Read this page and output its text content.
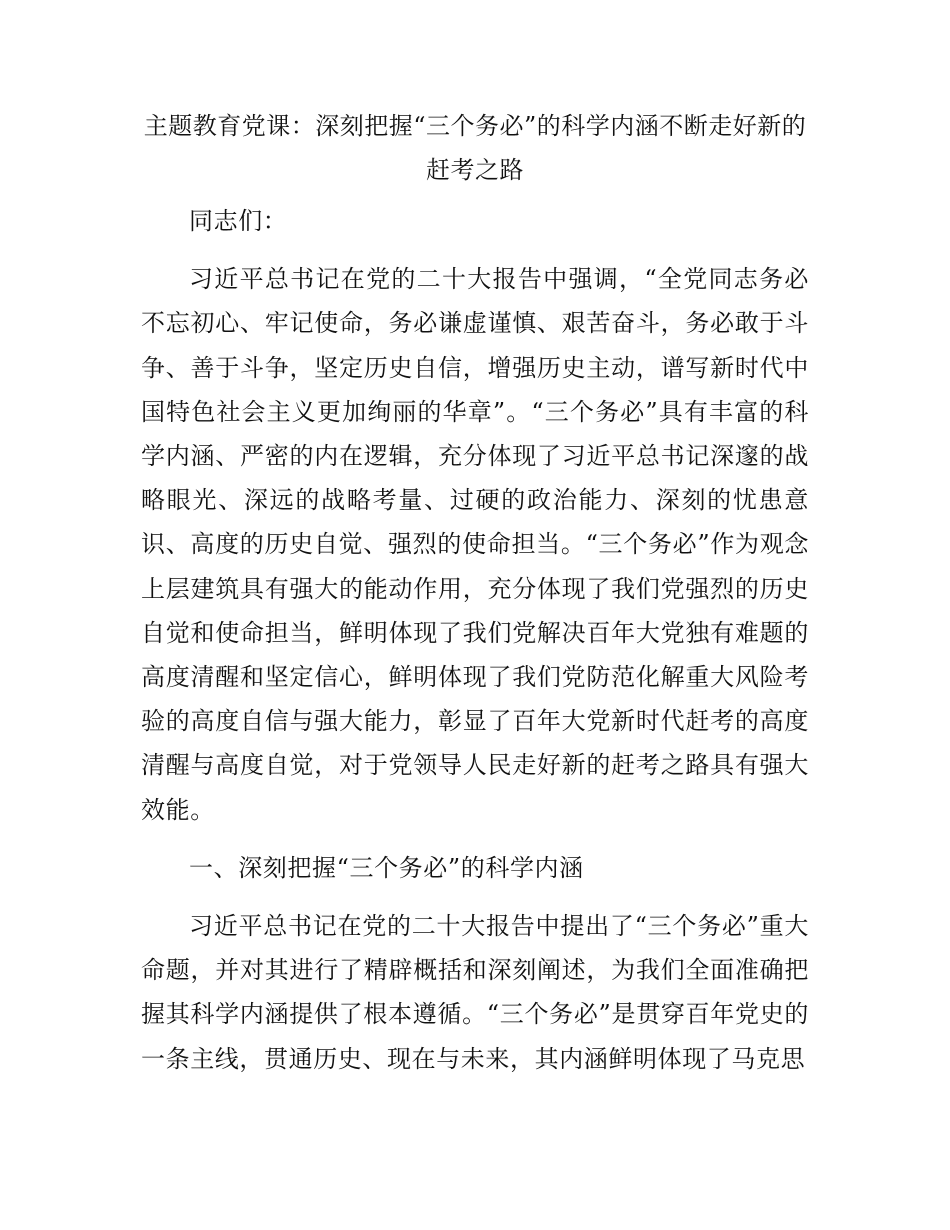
主题教育党课：深刻把握“三个务必”的科学内涵不断走好新的赶考之路

同志们：

习近平总书记在党的二十大报告中强调，“全党同志务必不忘初心、牢记使命，务必谦虚谨慎、艰苦奋斗，务必敢于斗争、善于斗争，坚定历史自信，增强历史主动，谱写新时代中国特色社会主义更加绚丽的华章”。“三个务必”具有丰富的科学内涵、严密的内在逻辑，充分体现了习近平总书记深邃的战略眼光、深远的战略考量、过硬的政治能力、深刻的忧患意识、高度的历史自觉、强烈的使命担当。“三个务必”作为观念上层建筑具有强大的能动作用，充分体现了我们党强烈的历史自觉和使命担当，鲜明体现了我们党解决百年大党独有难题的高度清醒和坚定信心，鲜明体现了我们党防范化解重大风险考验的高度自信与强大能力，彰显了百年大党新时代赶考的高度清醒与高度自觉，对于党领导人民走好新的赶考之路具有强大效能。

一、深刻把握“三个务必”的科学内涵

习近平总书记在党的二十大报告中提出了“三个务必”重大命题，并对其进行了精辟概括和深刻阐述，为我们全面准确把握其科学内涵提供了根本遵循。“三个务必”是贯穿百年党史的一条主线，贯通历史、现在与未来，其内涵鲜明体现了马克思
